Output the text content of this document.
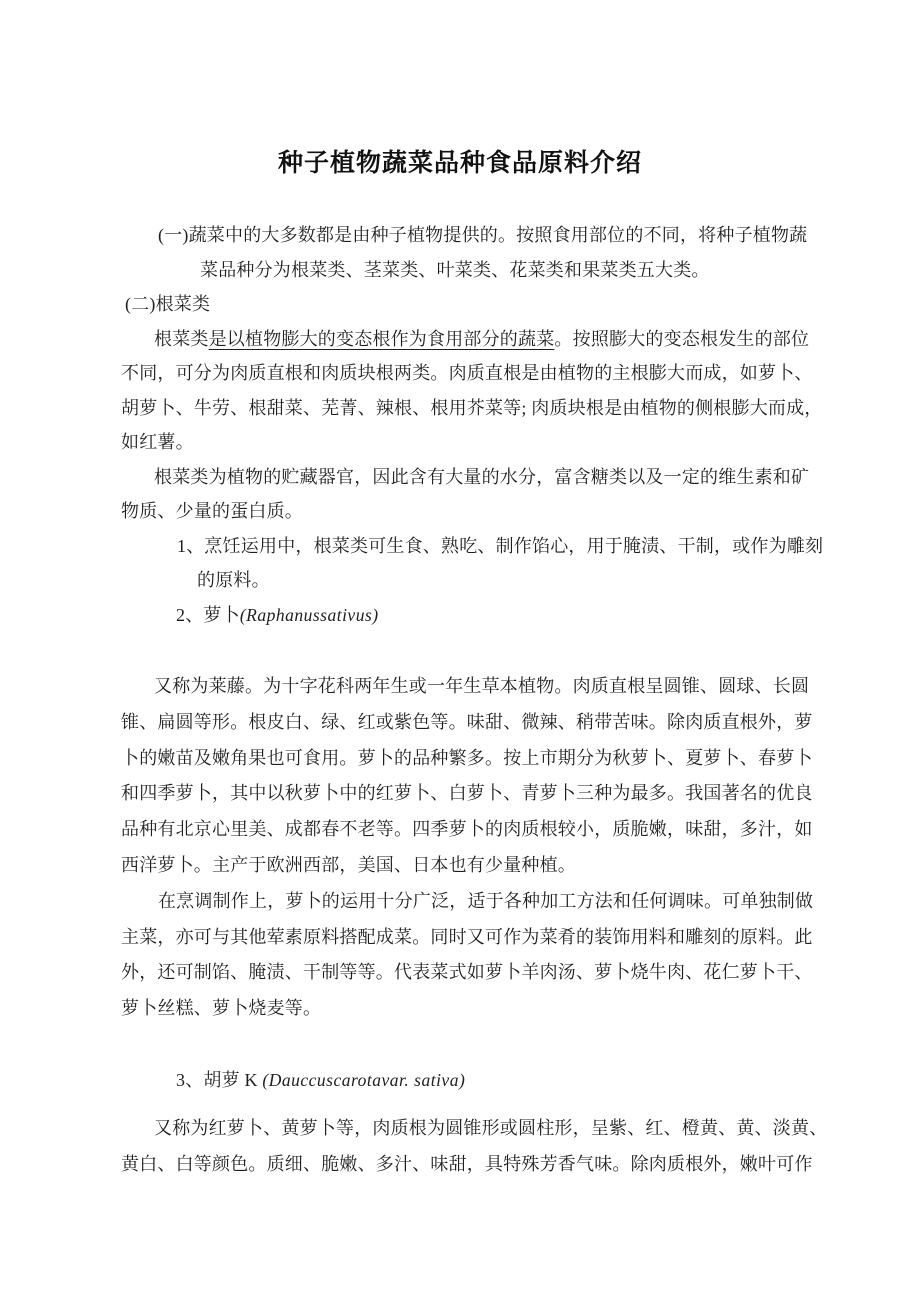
种子植物蔬菜品种食品原料介绍
(一)蔬菜中的大多数都是由种子植物提供的。按照食用部位的不同，将种子植物蔬
菜品种分为根菜类、茎菜类、叶菜类、花菜类和果菜类五大类。
(二)根菜类
根菜类是以植物膨大的变态根作为食用部分的蔬菜。按照膨大的变态根发生的部位
不同，可分为肉质直根和肉质块根两类。肉质直根是由植物的主根膨大而成，如萝卜、
胡萝卜、牛劳、根甜菜、芜菁、辣根、根用芥菜等; 肉质块根是由植物的侧根膨大而成，
如红薯。
根菜类为植物的贮藏器官，因此含有大量的水分，富含糖类以及一定的维生素和矿
物质、少量的蛋白质。
1、烹饪运用中，根菜类可生食、熟吃、制作馅心，用于腌渍、干制，或作为雕刻
的原料。
2、萝卜(Raphanussativus)
又称为莱藤。为十字花科两年生或一年生草本植物。肉质直根呈圆锥、圆球、长圆
锥、扁圆等形。根皮白、绿、红或紫色等。味甜、微辣、稍带苦味。除肉质直根外，萝
卜的嫩苗及嫩角果也可食用。萝卜的品种繁多。按上市期分为秋萝卜、夏萝卜、春萝卜
和四季萝卜，其中以秋萝卜中的红萝卜、白萝卜、青萝卜三种为最多。我国著名的优良
品种有北京心里美、成都春不老等。四季萝卜的肉质根较小，质脆嫩，味甜，多汁，如
西洋萝卜。主产于欧洲西部，美国、日本也有少量种植。
在烹调制作上，萝卜的运用十分广泛，适于各种加工方法和任何调味。可单独制做
主菜，亦可与其他荤素原料搭配成菜。同时又可作为菜肴的装饰用料和雕刻的原料。此
外，还可制馅、腌渍、干制等等。代表菜式如萝卜羊肉汤、萝卜烧牛肉、花仁萝卜干、
萝卜丝糕、萝卜烧麦等。
3、胡萝 K (Dauccuscarotavar. sativa)
又称为红萝卜、黄萝卜等，肉质根为圆锥形或圆柱形，呈紫、红、橙黄、黄、淡黄、
黄白、白等颜色。质细、脆嫩、多汁、味甜，具特殊芳香气味。除肉质根外，嫩叶可作
